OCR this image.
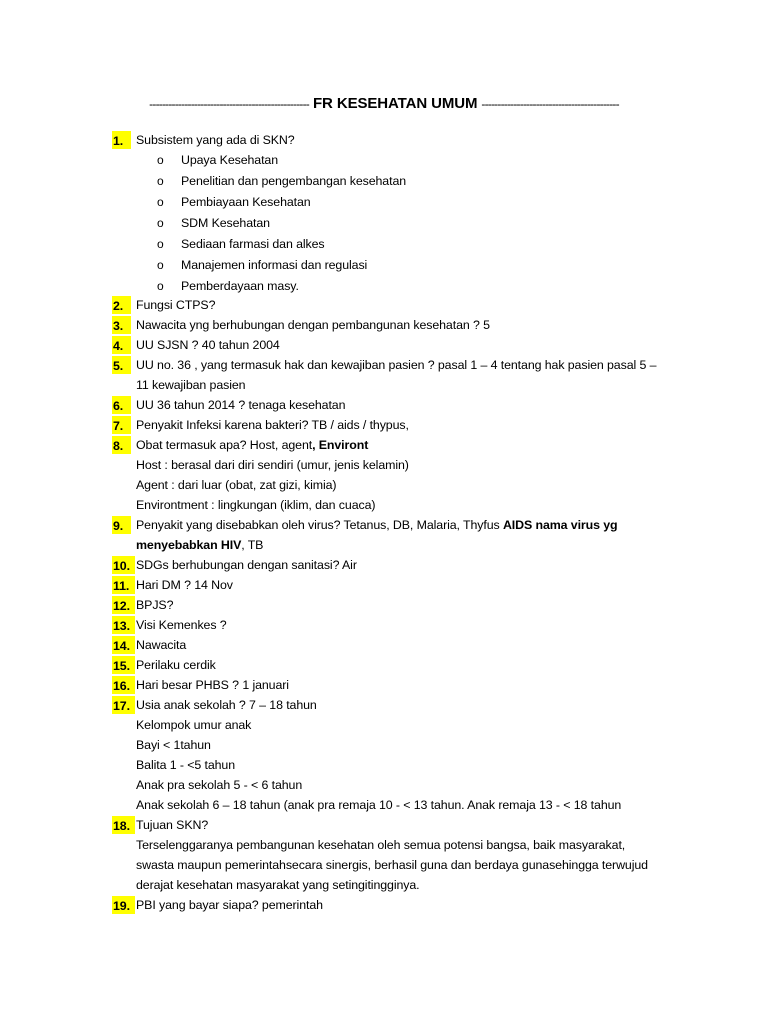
-------------------------------------------------- FR KESEHATAN UMUM -------------------------------------------
1.	Subsistem yang ada di SKN?
o Upaya Kesehatan
o Penelitian dan pengembangan kesehatan
o Pembiayaan Kesehatan
o SDM Kesehatan
o Sediaan farmasi dan alkes
o Manajemen informasi dan regulasi
o Pemberdayaan masy.
2.	Fungsi CTPS?
3.	Nawacita yng berhubungan dengan pembangunan kesehatan ? 5
4.	UU SJSN ? 40 tahun 2004
5.	UU no. 36 , yang termasuk hak dan kewajiban pasien ? pasal 1 – 4 tentang hak pasien pasal 5 –
11 kewajiban pasien
6.	UU 36 tahun 2014 ? tenaga kesehatan
7.	Penyakit Infeksi karena bakteri? TB / aids / thypus,
8.	Obat termasuk apa? Host, agent, Environt
Host : berasal dari diri sendiri (umur, jenis kelamin)
Agent : dari luar (obat, zat gizi, kimia)
Environtment : lingkungan (iklim, dan cuaca)
9.	Penyakit yang disebabkan oleh virus? Tetanus, DB, Malaria, Thyfus AIDS nama virus yg
menyebabkan HIV, TB
10. SDGs berhubungan dengan sanitasi? Air
11. Hari DM ? 14 Nov
12. BPJS?
13. Visi Kemenkes ?
14. Nawacita
15. Perilaku cerdik
16. Hari besar PHBS ? 1 januari
17. Usia anak sekolah ? 7 – 18 tahun
Kelompok umur anak
Bayi < 1tahun
Balita 1 - <5 tahun
Anak pra sekolah 5 - < 6 tahun
Anak sekolah 6 – 18 tahun (anak pra remaja 10 - < 13 tahun. Anak remaja 13 - < 18 tahun
18. Tujuan SKN?
Terselenggaranya pembangunan kesehatan oleh semua potensi bangsa, baik masyarakat,
swasta maupun pemerintahsecara sinergis, berhasil guna dan berdaya gunasehingga terwujud
derajat kesehatan masyarakat yang setingitingginya.
19. PBI yang bayar siapa? pemerintah
